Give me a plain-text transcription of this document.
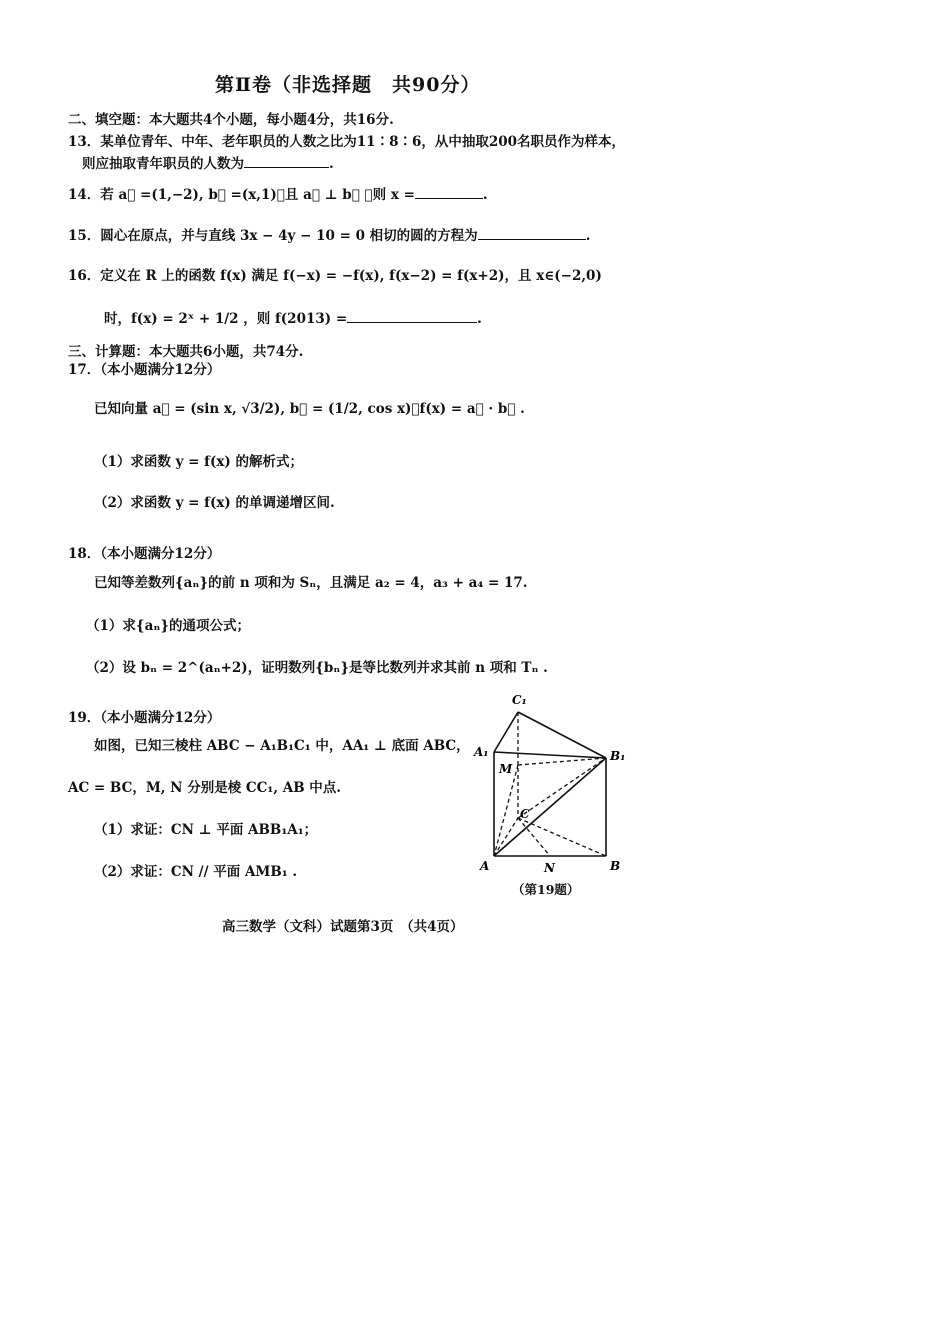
第Ⅱ卷（非选择题　共90分）
二、填空题：本大题共4个小题，每小题4分，共16分.
13．某单位青年、中年、老年职员的人数之比为11∶8∶6，从中抽取200名职员作为样本，
则应抽取青年职员的人数为	.
14．若 a⃗ =(1,−2), b⃗ =(x,1)，且 a⃗ ⊥ b⃗ ，则 x =	.
15．圆心在原点，并与直线 3x − 4y − 10 = 0 相切的圆的方程为	.
16．定义在 R 上的函数 f(x) 满足 f(−x) = −f(x), f(x−2) = f(x+2)，且 x∈(−2,0)
时，f(x) = 2ˣ + 1/2 ，则 f(2013) =	.
三、计算题：本大题共6小题，共74分.
17．（本小题满分12分）
已知向量 a⃗ = (sin x, √3/2), b⃗ = (1/2, cos x)，f(x) = a⃗ · b⃗ .
（1）求函数 y = f(x) 的解析式；
（2）求函数 y = f(x) 的单调递增区间.
18．（本小题满分12分）
已知等差数列{aₙ}的前 n 项和为 Sₙ，且满足 a₂ = 4，a₃ + a₄ = 17.
（1）求{aₙ}的通项公式；
（2）设 bₙ = 2^(aₙ+2)，证明数列{bₙ}是等比数列并求其前 n 项和 Tₙ .
19．（本小题满分12分）
如图，已知三棱柱 ABC − A₁B₁C₁ 中，AA₁ ⊥ 底面 ABC，
AC = BC，M, N 分别是棱 CC₁, AB 中点.
（1）求证：CN ⊥ 平面 ABB₁A₁；
（2）求证：CN // 平面 AMB₁ .
C₁
A₁	B₁
M
C
A	N	B
（第19题）
高三数学（文科）试题第3页　（共4页）
